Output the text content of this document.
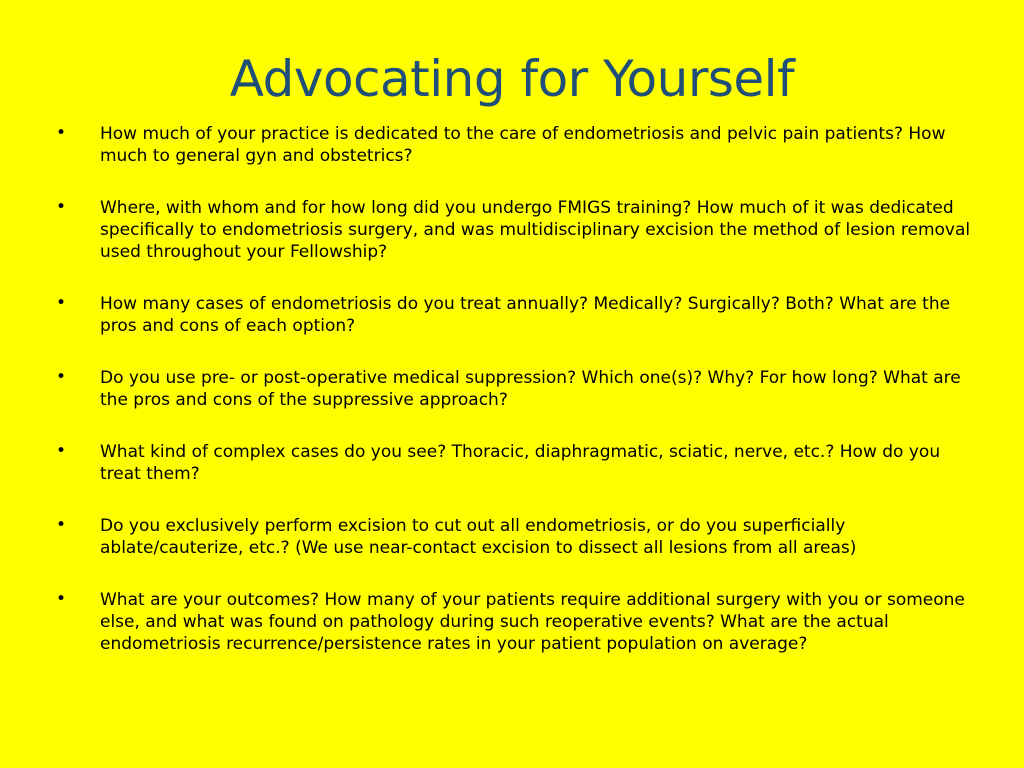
Advocating for Yourself
• How much of your practice is dedicated to the care of endometriosis and pelvic pain patients? How much to general gyn and obstetrics?
• Where, with whom and for how long did you undergo FMIGS training? How much of it was dedicated specifically to endometriosis surgery, and was multidisciplinary excision the method of lesion removal used throughout your Fellowship?
• How many cases of endometriosis do you treat annually? Medically? Surgically? Both? What are the pros and cons of each option?
• Do you use pre- or post-operative medical suppression? Which one(s)? Why? For how long? What are the pros and cons of the suppressive approach?
• What kind of complex cases do you see? Thoracic, diaphragmatic, sciatic, nerve, etc.? How do you treat them?
• Do you exclusively perform excision to cut out all endometriosis, or do you superficially ablate/cauterize, etc.? (We use near-contact excision to dissect all lesions from all areas)
• What are your outcomes? How many of your patients require additional surgery with you or someone else, and what was found on pathology during such reoperative events? What are the actual endometriosis recurrence/persistence rates in your patient population on average?
